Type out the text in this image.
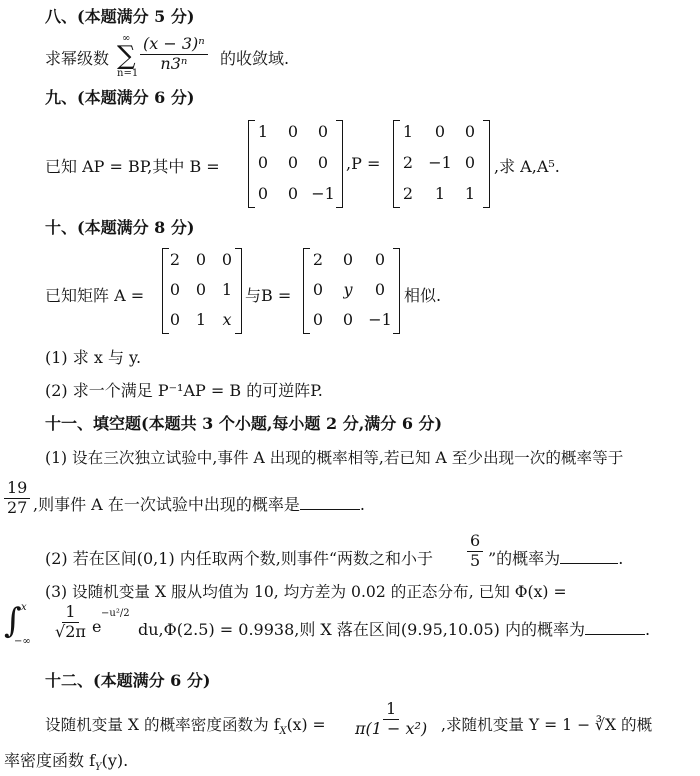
八、(本题满分 5 分)
求幂级数
∞
∑
n=1
$\frac{\text{(x − 3)ⁿ}}{\text{n3ⁿ}}$ 的收敛域.
九、(本题满分 6 分)
已知 AP = BP,其中 B =
1	0	0
0	0	0
0	0 −1
,P =
1	0	0
2 −1 0
2	1	1
,求 A,A⁵.
十、(本题满分 8 分)
已知矩阵 A =
2 0 0
0 0 1
0 1	x
与B =
2	0	0
0	y	0
0	0 −1
相似.
(1) 求 x 与 y.
(2) 求一个满足 P⁻¹AP = B 的可逆阵P.
十一、填空题(本题共 3 个小题,每小题 2 分,满分 6 分)
(1) 设在三次独立试验中,事件 A 出现的概率相等,若已知 A 至少出现一次的概率等于
$\frac{19}{27}$ ,则事件 A 在一次试验中出现的概率是	.
(2) 若在区间(0,1) 内任取两个数,则事件“两数之和小于 $\frac{6}{5}$ ”的概率为	.
(3) 设随机变量 X 服从均值为 10, 均方差为 0.02 的正态分布, 已知 Φ(x) =
∫ x
−∞
$\frac{1}{√2\pi}$ e
−u²/2
du,Φ(2.5) = 0.9938,则 X 落在区间(9.95,10.05) 内的概率为	.
十二、(本题满分 6 分)
设随机变量 X 的概率密度函数为 $f_X(x) = \frac{1}{\text{π(1 − x²)}}$ ,求随机变量 Y = 1 − ∛X 的概
率密度函数 $f_Y(y)$.
